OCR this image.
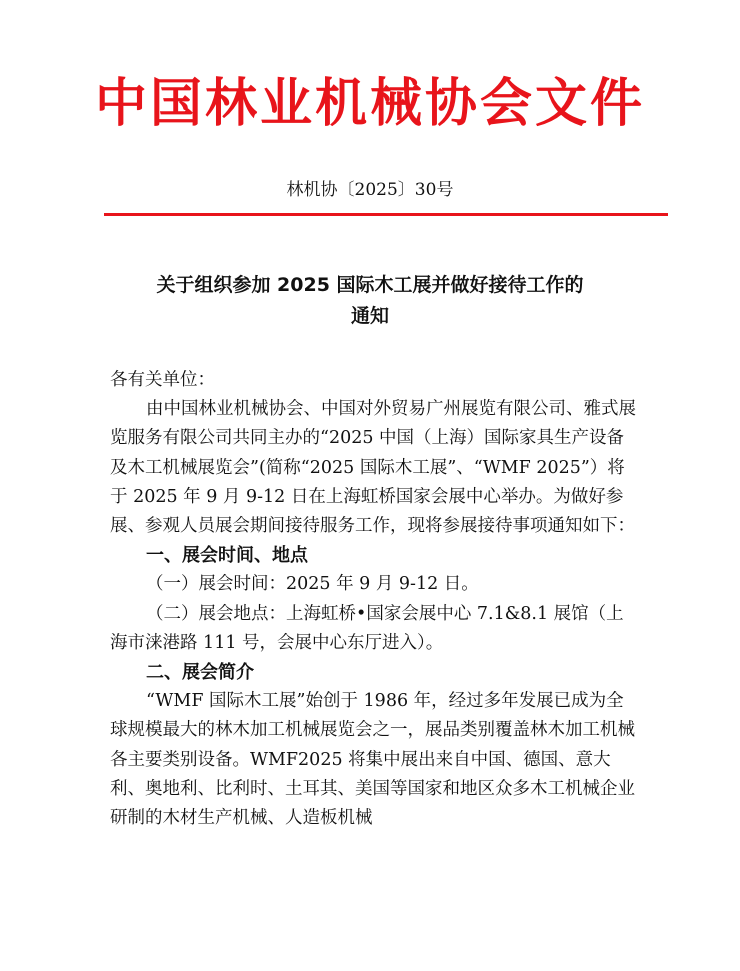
中国林业机械协会文件
林机协〔2025〕30号
关于组织参加 2025 国际木工展并做好接待工作的
通知

各有关单位：

由中国林业机械协会、中国对外贸易广州展览有限公司、雅式展览服务有限公司共同主办的“2025 中国（上海）国际家具生产设备及木工机械展览会”(简称“2025 国际木工展”、“WMF 2025”）将于 2025 年 9 月 9-12 日在上海虹桥国家会展中心举办。为做好参展、参观人员展会期间接待服务工作，现将参展接待事项通知如下：

一、展会时间、地点

（一）展会时间：2025 年 9 月 9-12 日。

（二）展会地点：上海虹桥•国家会展中心 7.1&8.1 展馆（上海市涞港路 111 号，会展中心东厅进入）。

二、展会简介

“WMF 国际木工展”始创于 1986 年，经过多年发展已成为全球规模最大的林木加工机械展览会之一，展品类别覆盖林木加工机械各主要类别设备。WMF2025 将集中展出来自中国、德国、意大利、奥地利、比利时、土耳其、美国等国家和地区众多木工机械企业研制的木材生产机械、人造板机械
